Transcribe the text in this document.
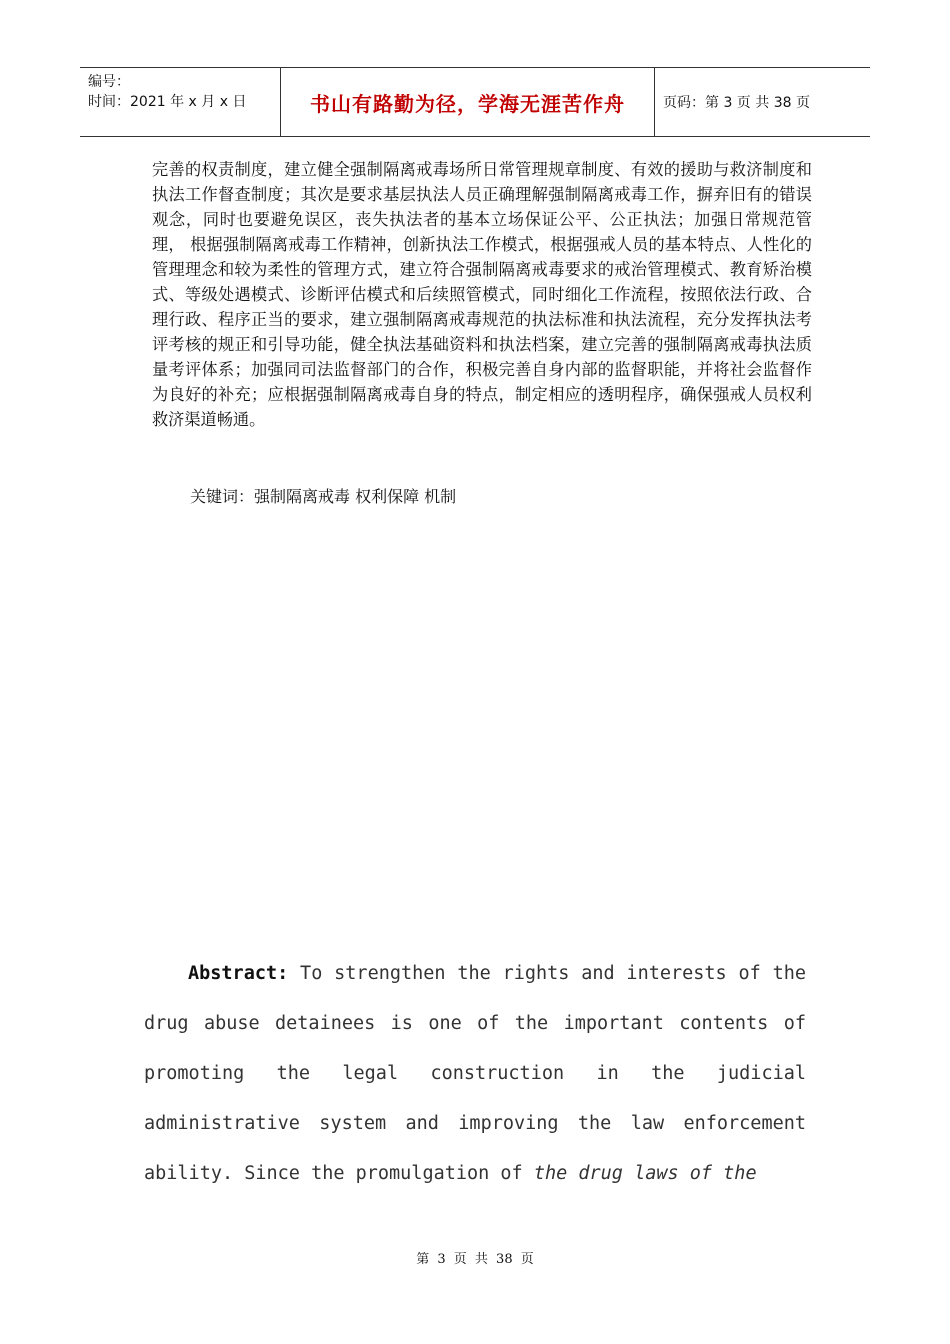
编号：
时间：2021 年 x 月 x 日	书山有路勤为径，学海无涯苦作舟	页码：第 3 页 共 38 页

完善的权责制度，建立健全强制隔离戒毒场所日常管理规章制度、有效的援助与救济制度和执法工作督查制度；其次是要求基层执法人员正确理解强制隔离戒毒工作，摒弃旧有的错误观念，同时也要避免误区，丧失执法者的基本立场保证公平、公正执法；加强日常规范管理， 根据强制隔离戒毒工作精神，创新执法工作模式，根据强戒人员的基本特点、人性化的管理理念和较为柔性的管理方式，建立符合强制隔离戒毒要求的戒治管理模式、教育矫治模式、等级处遇模式、诊断评估模式和后续照管模式，同时细化工作流程，按照依法行政、合理行政、程序正当的要求，建立强制隔离戒毒规范的执法标准和执法流程，充分发挥执法考评考核的规正和引导功能，健全执法基础资料和执法档案，建立完善的强制隔离戒毒执法质量考评体系；加强同司法监督部门的合作，积极完善自身内部的监督职能，并将社会监督作为良好的补充；应根据强制隔离戒毒自身的特点，制定相应的透明程序，确保强戒人员权利救济渠道畅通。

关键词：强制隔离戒毒 权利保障 机制

Abstract: To strengthen the rights and interests of the drug abuse detainees is one of the important contents of promoting the legal construction in the judicial administrative system and improving the law enforcement ability. Since the promulgation of the drug laws of the

第 3 页 共 38 页
